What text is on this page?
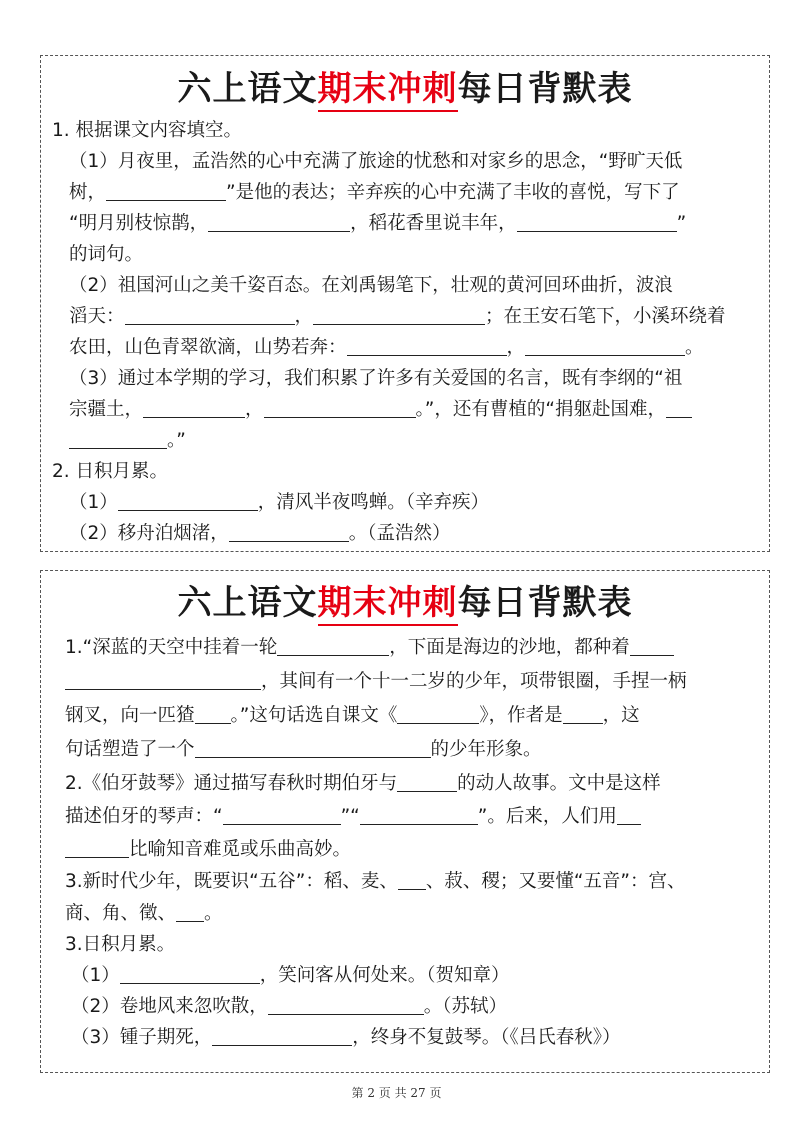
六上语文期末冲刺每日背默表
1. 根据课文内容填空。
（1）月夜里，孟浩然的心中充满了旅途的忧愁和对家乡的思念，“野旷天低
树，	”是他的表达；辛弃疾的心中充满了丰收的喜悦，写下了
“明月别枝惊鹊，	，稻花香里说丰年，	”
的词句。
（2）祖国河山之美千姿百态。在刘禹锡笔下，壮观的黄河回环曲折，波浪
滔天：	，	；在王安石笔下，小溪环绕着
农田，山色青翠欲滴，山势若奔：	，	。
（3）通过本学期的学习，我们积累了许多有关爱国的名言，既有李纲的“祖
宗疆土，	，	。”，还有曹植的“捐躯赴国难，
。”
2. 日积月累。
（1）	，清风半夜鸣蝉。（辛弃疾）
（2）移舟泊烟渚，	。（孟浩然）
六上语文期末冲刺每日背默表
1.“深蓝的天空中挂着一轮	，下面是海边的沙地，都种着
，其间有一个十一二岁的少年，项带银圈，手捏一柄
钢叉，向一匹猹 。”这句话选自课文《	》，作者是 ，这
句话塑造了一个	的少年形象。
2.《伯牙鼓琴》通过描写春秋时期伯牙与	的动人故事。文中是这样
描述伯牙的琴声：“	”“	”。后来，人们用
比喻知音难觅或乐曲高妙。
3.新时代少年，既要识“五谷”：稻、麦、 、菽、稷；又要懂“五音”：宫、
商、角、徵、 。
3.日积月累。
（1）	，笑问客从何处来。（贺知章）
（2）卷地风来忽吹散，	。（苏轼）
（3）锺子期死，	，终身不复鼓琴。（《吕氏春秋》）
第 2 页 共 27 页
